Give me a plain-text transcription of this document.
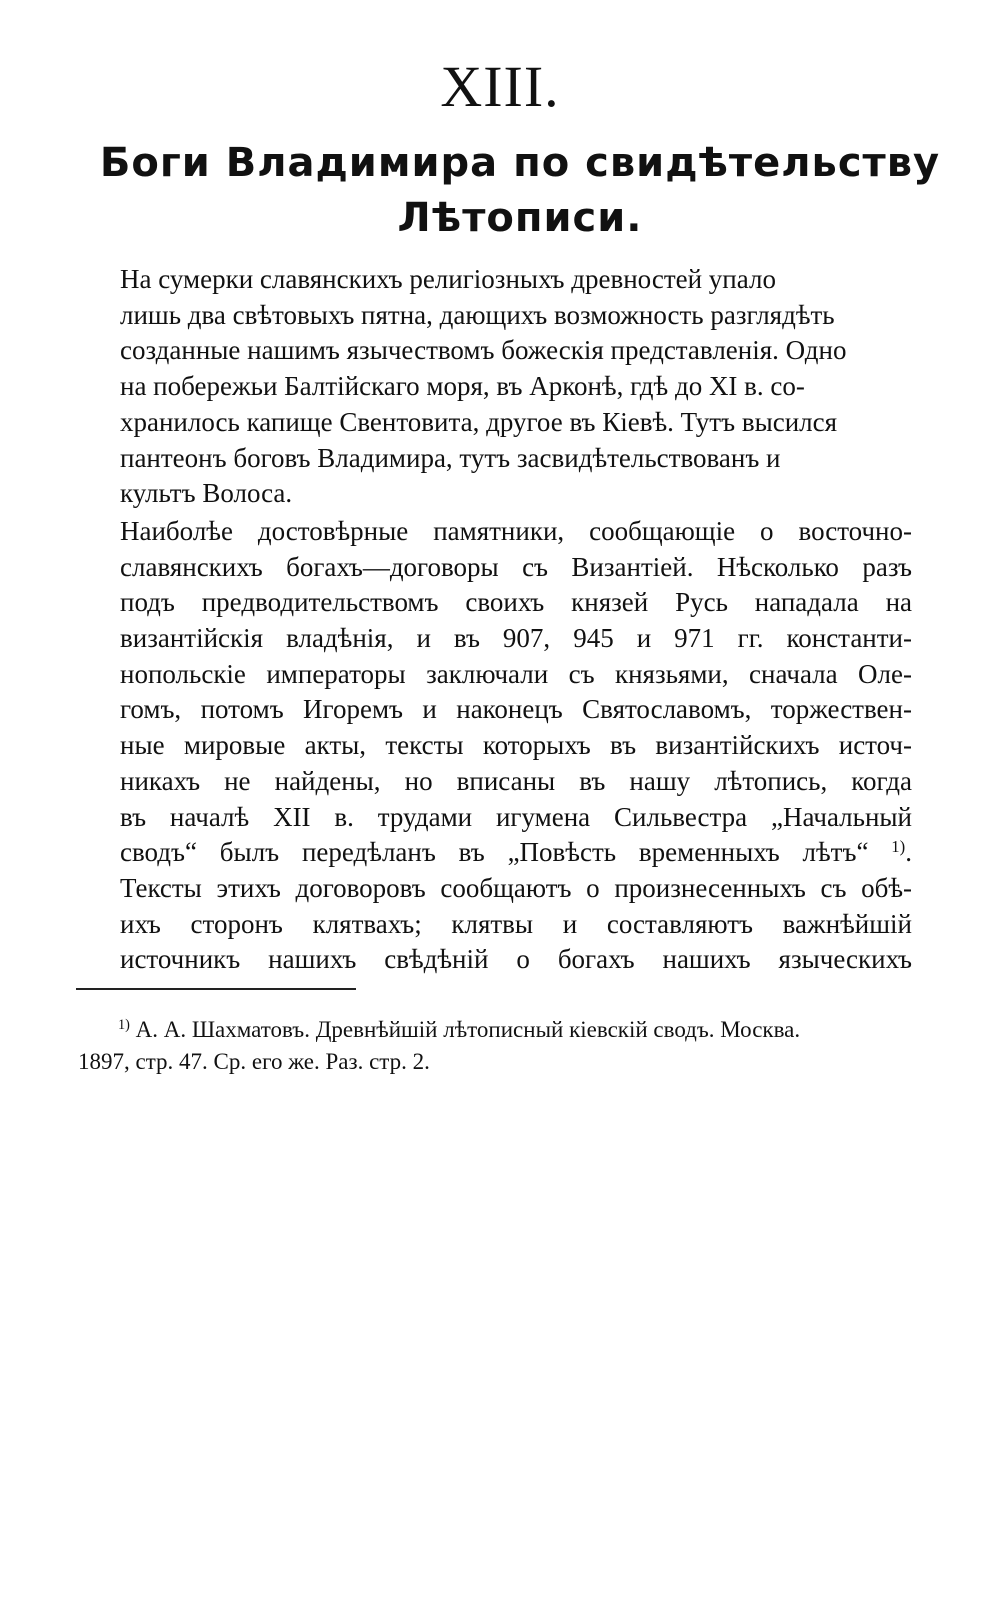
XIII.
Боги Владимира по свидѣтельству
Лѣтописи.

На сумерки славянскихъ религіозныхъ древностей упало
лишь два свѣтовыхъ пятна, дающихъ возможность разглядѣть
созданные нашимъ язычествомъ божескія представленія. Одно
на побережьи Балтійскаго моря, въ Арконѣ, гдѣ до XI в. со-
хранилось капище Свентовита, другое въ Кіевѣ. Тутъ высился
пантеонъ боговъ Владимира, тутъ засвидѣтельствованъ и
культъ Волоса.

Наиболѣе достовѣрные памятники, сообщающіе о восточно-
славянскихъ богахъ—договоры съ Византіей. Нѣсколько разъ
подъ предводительствомъ своихъ князей Русь нападала на
византійскія владѣнія, и въ 907, 945 и 971 гг. константи-
нопольскіе императоры заключали съ князьями, сначала Оле-
гомъ, потомъ Игоремъ и наконецъ Святославомъ, торжествен-
ные мировые акты, тексты которыхъ въ византійскихъ источ-
никахъ не найдены, но вписаны въ нашу лѣтопись, когда
въ началѣ XII в. трудами игумена Сильвестра „Начальный
сводъ“ былъ передѣланъ въ „Повѣсть временныхъ лѣтъ“ $^{1)}$.
Тексты этихъ договоровъ сообщаютъ о произнесенныхъ съ обѣ-
ихъ сторонъ клятвахъ; клятвы и составляютъ важнѣйшій
источникъ нашихъ свѣдѣній о богахъ нашихъ языческихъ

$^{1)}$ А. А. Шахматовъ. Древнѣйшій лѣтописный кіевскій сводъ. Москва.
1897, стр. 47. Ср. его же. Раз. стр. 2.
